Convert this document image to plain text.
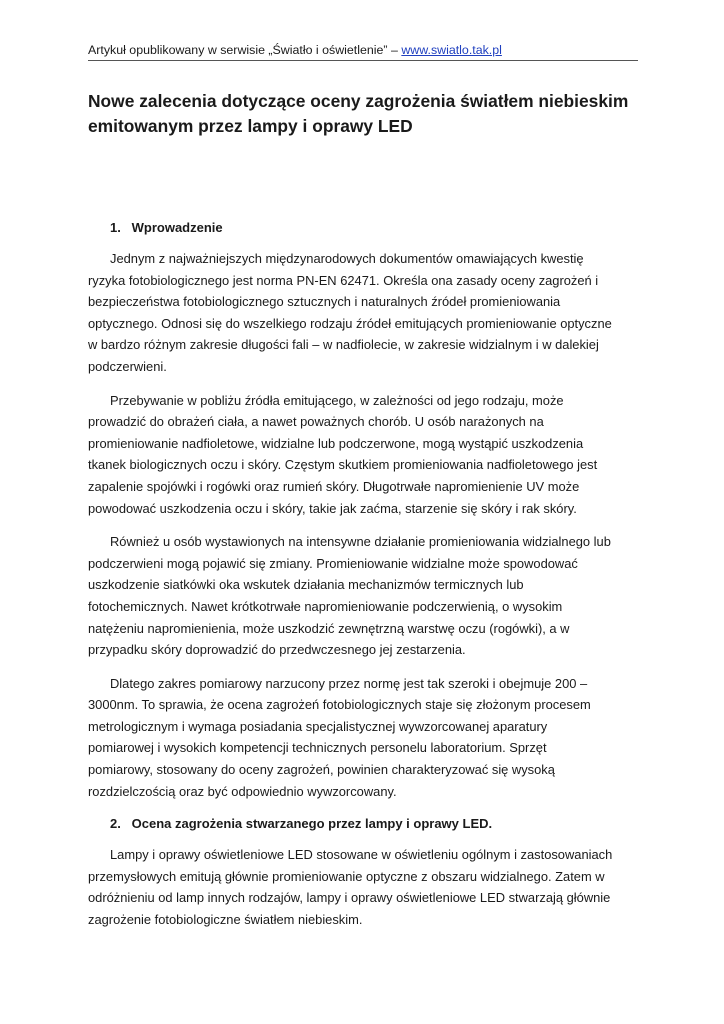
Artykuł opublikowany w serwisie „Światło i oświetlenie” – www.swiatlo.tak.pl
Nowe zalecenia dotyczące oceny zagrożenia światłem niebieskim
emitowanym przez lampy i oprawy LED
1. Wprowadzenie

Jednym z najważniejszych międzynarodowych dokumentów omawiających kwestię
ryzyka fotobiologicznego jest norma PN-EN 62471. Określa ona zasady oceny zagrożeń i
bezpieczeństwa fotobiologicznego sztucznych i naturalnych źródeł promieniowania
optycznego. Odnosi się do wszelkiego rodzaju źródeł emitujących promieniowanie optyczne
w bardzo różnym zakresie długości fali – w nadfiolecie, w zakresie widzialnym i w dalekiej
podczerwieni.

Przebywanie w pobliżu źródła emitującego, w zależności od jego rodzaju, może
prowadzić do obrażeń ciała, a nawet poważnych chorób. U osób narażonych na
promieniowanie nadfioletowe, widzialne lub podczerwone, mogą wystąpić uszkodzenia
tkanek biologicznych oczu i skóry. Częstym skutkiem promieniowania nadfioletowego jest
zapalenie spojówki i rogówki oraz rumień skóry. Długotrwałe napromienienie UV może
powodować uszkodzenia oczu i skóry, takie jak zaćma, starzenie się skóry i rak skóry.

Również u osób wystawionych na intensywne działanie promieniowania widzialnego lub
podczerwieni mogą pojawić się zmiany. Promieniowanie widzialne może spowodować
uszkodzenie siatkówki oka wskutek działania mechanizmów termicznych lub
fotochemicznych. Nawet krótkotrwałe napromieniowanie podczerwienią, o wysokim
natężeniu napromienienia, może uszkodzić zewnętrzną warstwę oczu (rogówki), a w
przypadku skóry doprowadzić do przedwczesnego jej zestarzenia.

Dlatego zakres pomiarowy narzucony przez normę jest tak szeroki i obejmuje 200 –
3000nm. To sprawia, że ocena zagrożeń fotobiologicznych staje się złożonym procesem
metrologicznym i wymaga posiadania specjalistycznej wywzorcowanej aparatury
pomiarowej i wysokich kompetencji technicznych personelu laboratorium. Sprzęt
pomiarowy, stosowany do oceny zagrożeń, powinien charakteryzować się wysoką
rozdzielczością oraz być odpowiednio wywzorcowany.

2. Ocena zagrożenia stwarzanego przez lampy i oprawy LED.

Lampy i oprawy oświetleniowe LED stosowane w oświetleniu ogólnym i zastosowaniach
przemysłowych emitują głównie promieniowanie optyczne z obszaru widzialnego. Zatem w
odróżnieniu od lamp innych rodzajów, lampy i oprawy oświetleniowe LED stwarzają głównie
zagrożenie fotobiologiczne światłem niebieskim.
